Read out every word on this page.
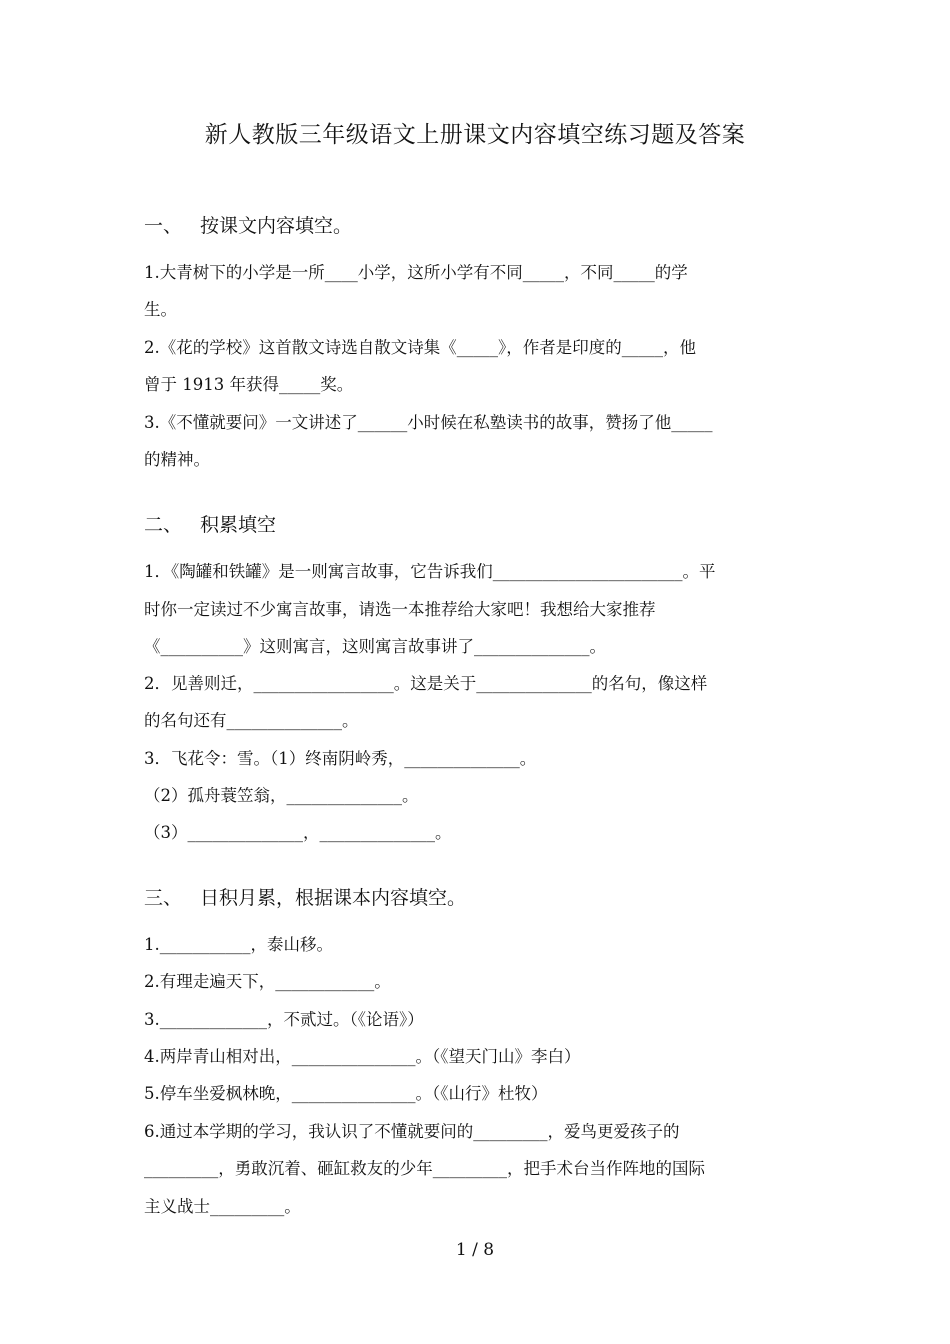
新人教版三年级语文上册课文内容填空练习题及答案
一、 按课文内容填空。
1.大青树下的小学是一所____小学，这所小学有不同_____，不同_____的学
生。
2.《花的学校》这首散文诗选自散文诗集《_____》，作者是印度的_____，他
曾于 1913 年获得_____奖。
3.《不懂就要问》一文讲述了______小时候在私塾读书的故事，赞扬了他_____
的精神。
二、 积累填空
1．《陶罐和铁罐》是一则寓言故事，它告诉我们_______________________。平
时你一定读过不少寓言故事，请选一本推荐给大家吧！我想给大家推荐
《__________》这则寓言，这则寓言故事讲了______________。
2．见善则迁，_________________。这是关于______________的名句，像这样
的名句还有______________。
3．飞花令：雪。（1）终南阴岭秀，______________。
（2）孤舟蓑笠翁，______________。
（3）______________，______________。
三、 日积月累，根据课本内容填空。
1.___________，泰山移。
2.有理走遍天下，____________。
3._____________，不贰过。（《论语》）
4.两岸青山相对出，_______________。（《望天门山》李白）
5.停车坐爱枫林晚，_______________。（《山行》杜牧）
6.通过本学期的学习，我认识了不懂就要问的_________，爱鸟更爱孩子的
_________，勇敢沉着、砸缸救友的少年_________，把手术台当作阵地的国际
主义战士_________。
1 / 8
